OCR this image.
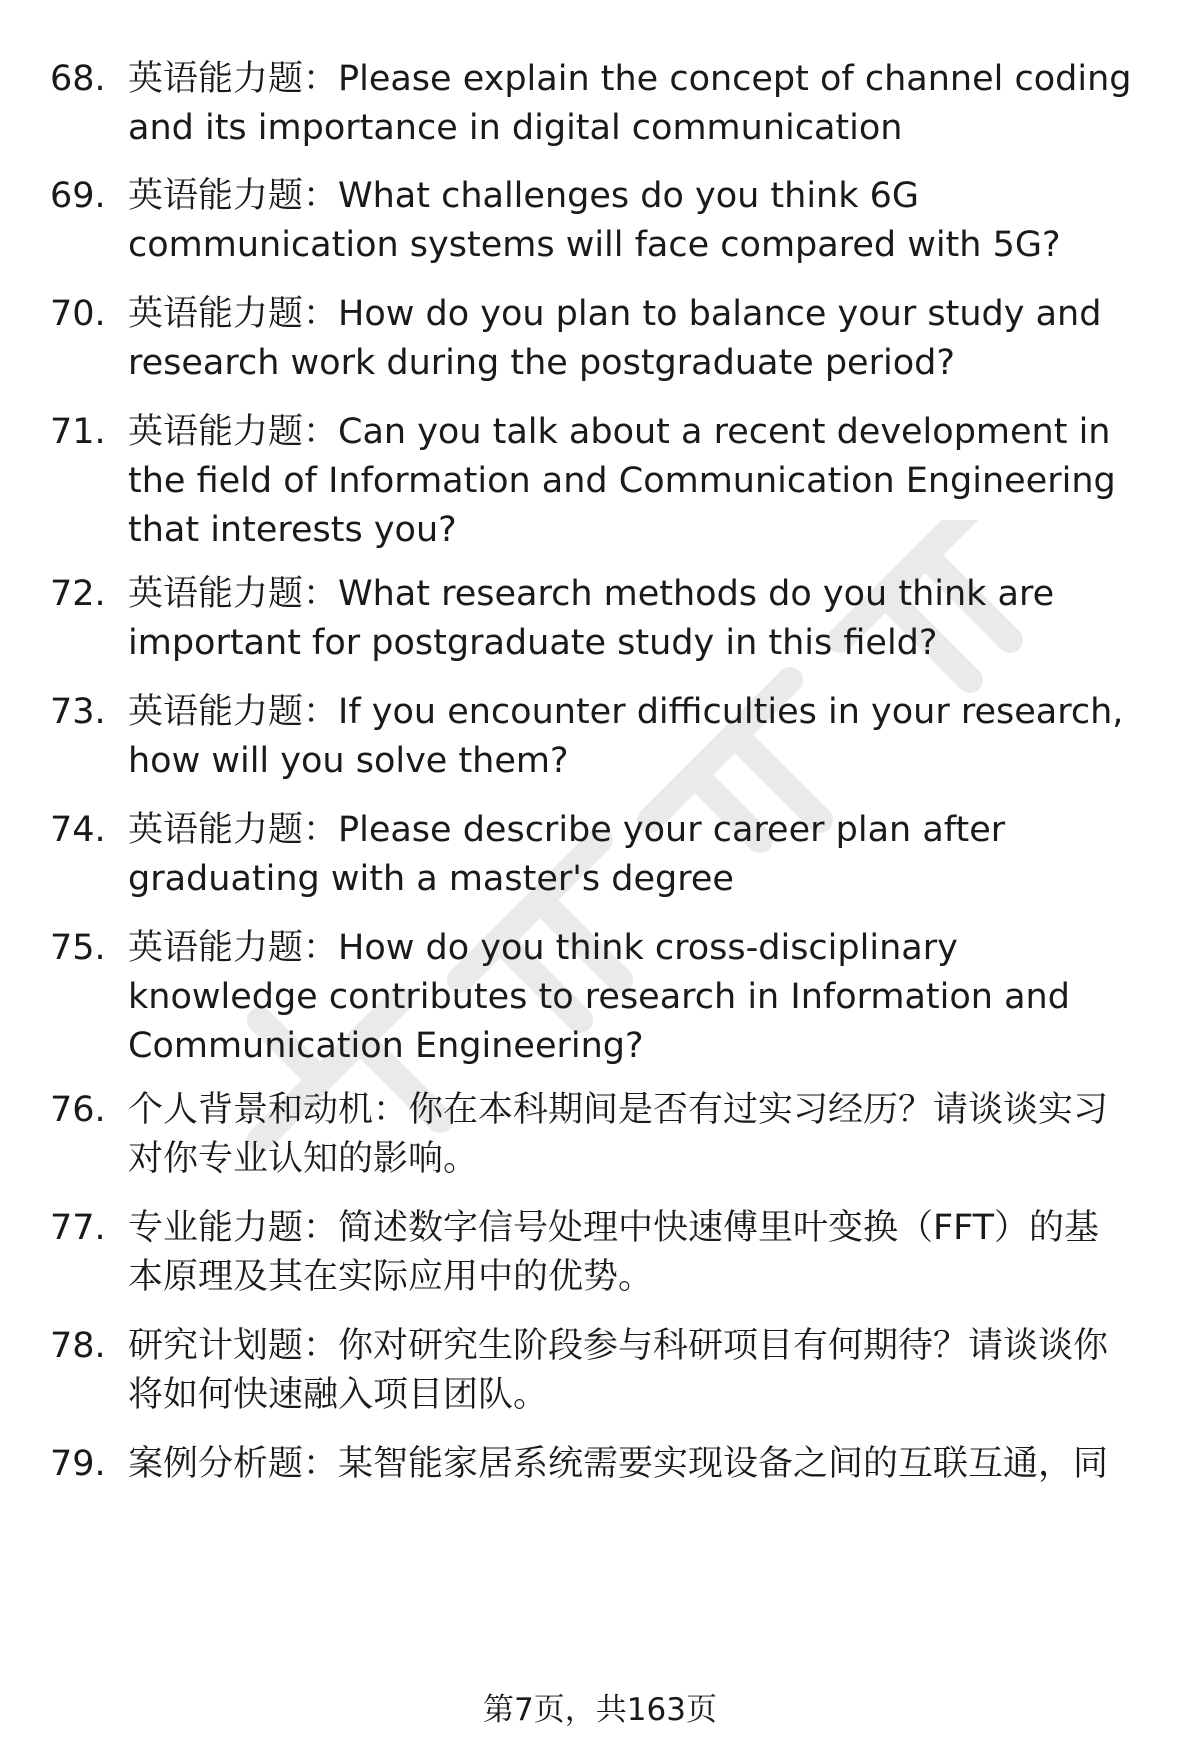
68. 英语能力题：Please explain the concept of channel coding
and its importance in digital communication
69. 英语能力题：What challenges do you think 6G
communication systems will face compared with 5G?
70. 英语能力题：How do you plan to balance your study and
research work during the postgraduate period?
71. 英语能力题：Can you talk about a recent development in
the field of Information and Communication Engineering
that interests you?
72. 英语能力题：What research methods do you think are
important for postgraduate study in this field?
73. 英语能力题：If you encounter difficulties in your research,
how will you solve them?
74. 英语能力题：Please describe your career plan after
graduating with a master's degree
75. 英语能力题：How do you think cross-disciplinary
knowledge contributes to research in Information and
Communication Engineering?
76. 个人背景和动机：你在本科期间是否有过实习经历？请谈谈实习
对你专业认知的影响。
77. 专业能力题：简述数字信号处理中快速傅里叶变换（FFT）的基
本原理及其在实际应用中的优势。
78. 研究计划题：你对研究生阶段参与科研项目有何期待？请谈谈你
将如何快速融入项目团队。
79. 案例分析题：某智能家居系统需要实现设备之间的互联互通，同
第7页，共163页
